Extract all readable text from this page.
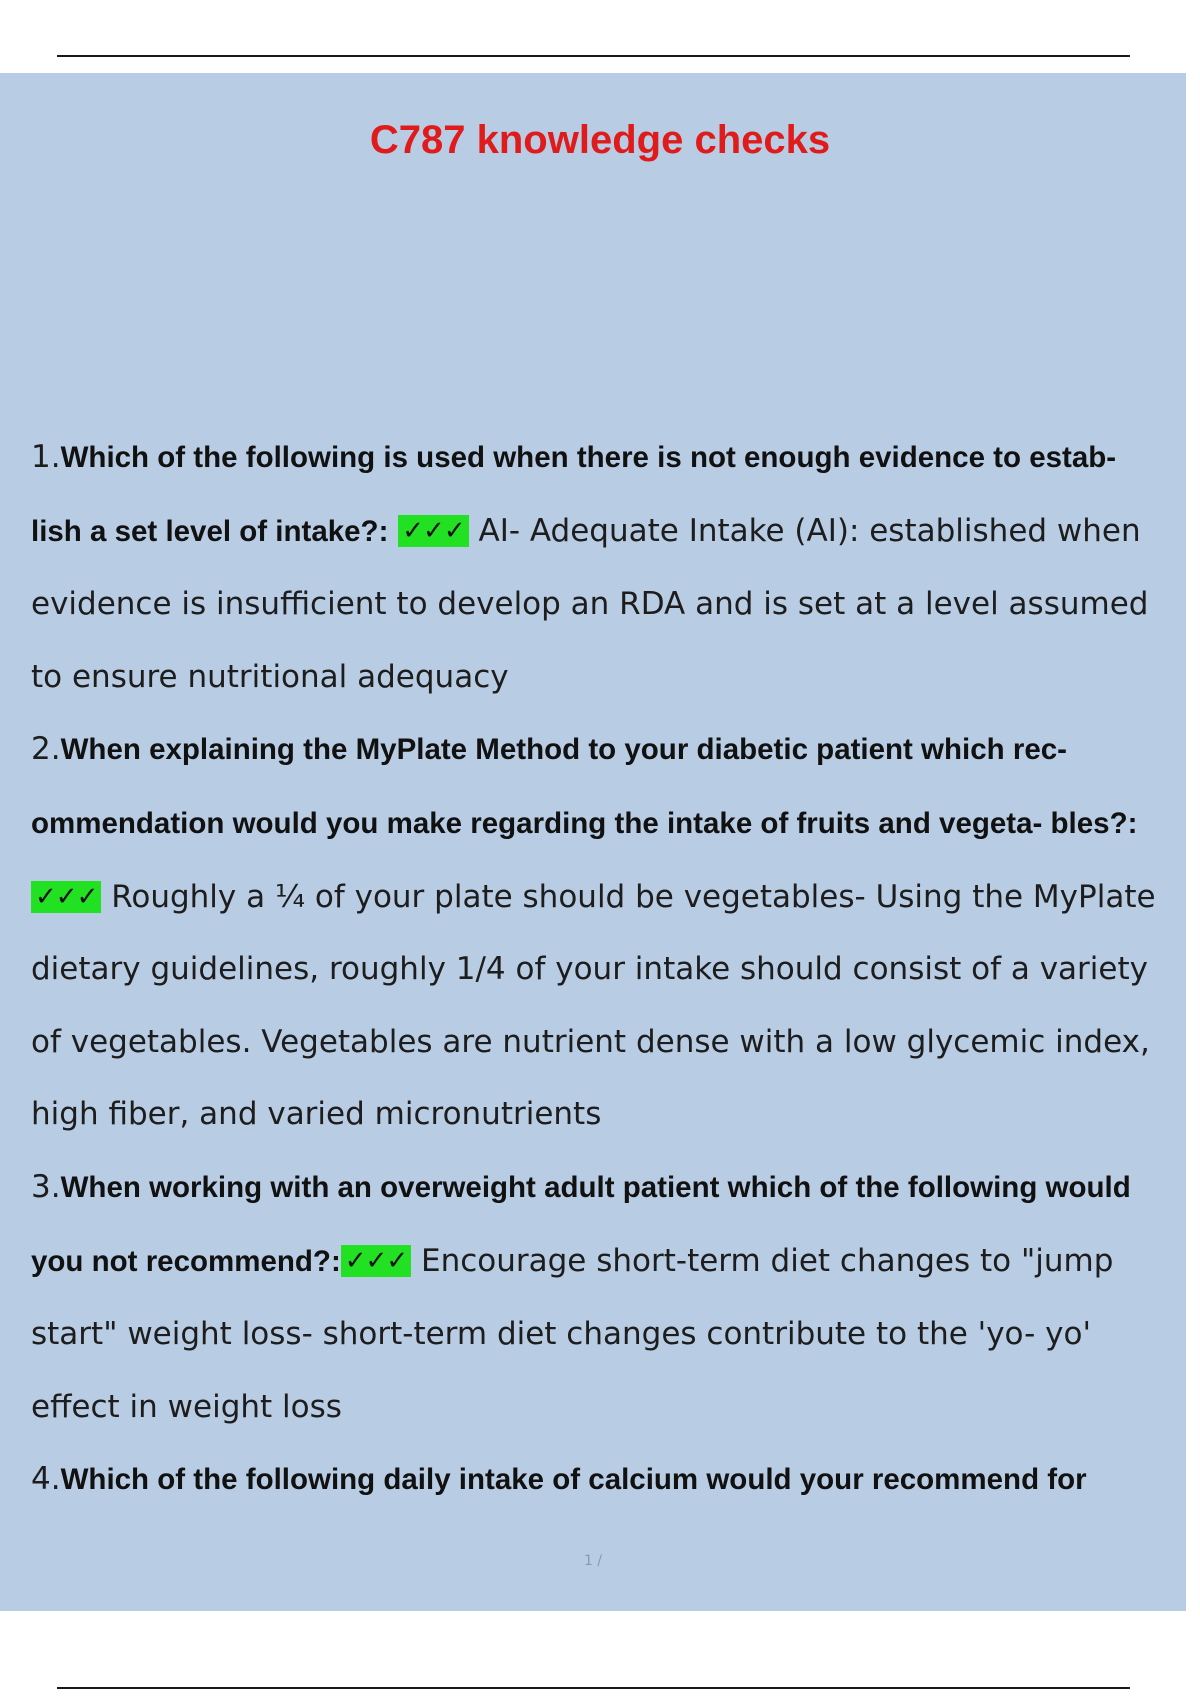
C787 knowledge checks

1.Which of the following is used when there is not enough evidence to estab- lish a set level of intake?: ✓✓✓ AI- Adequate Intake (AI): established when evidence is insufficient to develop an RDA and is set at a level assumed to ensure nutritional adequacy

2.When explaining the MyPlate Method to your diabetic patient which rec- ommendation would you make regarding the intake of fruits and vegeta- bles?:✓✓✓ Roughly a ¼ of your plate should be vegetables- Using the MyPlate dietary guidelines, roughly 1/4 of your intake should consist of a variety of vegetables. Vegetables are nutrient dense with a low glycemic index, high fiber, and varied micronutrients

3.When working with an overweight adult patient which of the following would you not recommend?: ✓✓✓ Encourage short-term diet changes to "jump start" weight loss- short-term diet changes contribute to the 'yo- yo' effect in weight loss

4.Which of the following daily intake of calcium would your recommend for

1 /
